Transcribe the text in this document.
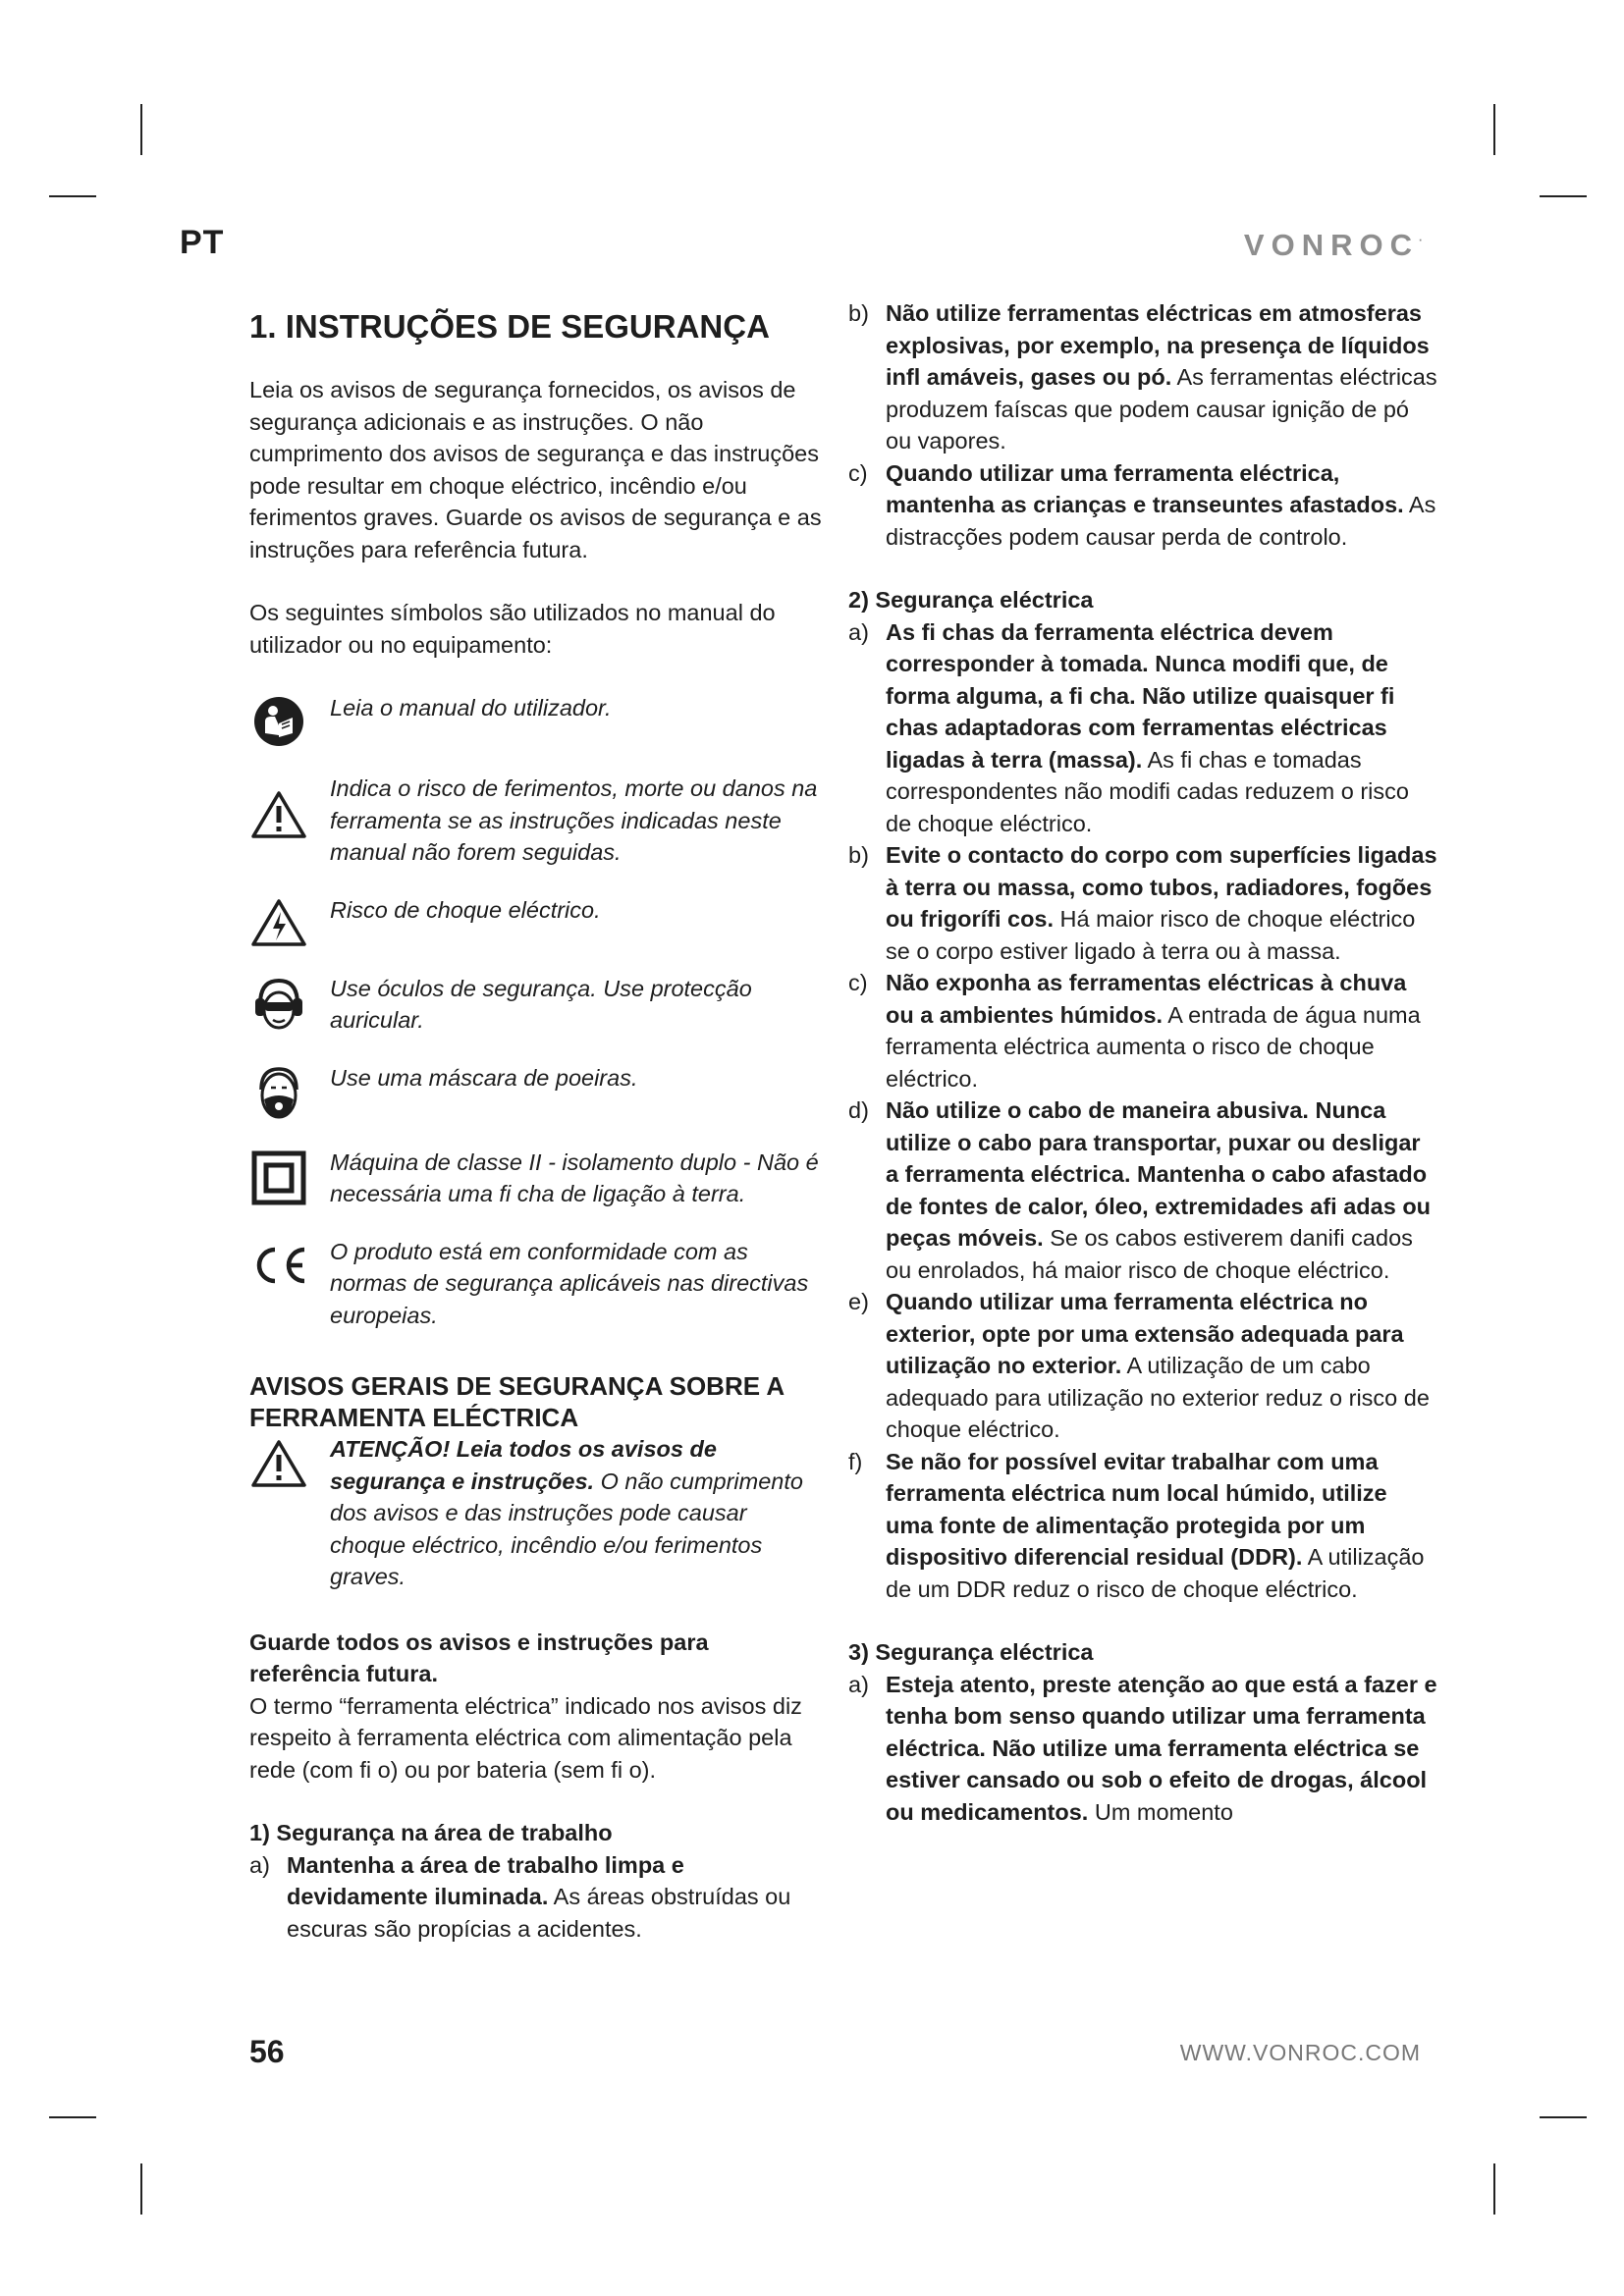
PT	VONROC·
1. INSTRUÇÕES DE SEGURANÇA

Leia os avisos de segurança fornecidos, os avisos de segurança adicionais e as instruções. O não cumprimento dos avisos de segurança e das instruções pode resultar em choque eléctrico, incêndio e/ou ferimentos graves. Guarde os avisos de segurança e as instruções para referência futura.

Os seguintes símbolos são utilizados no manual do utilizador ou no equipamento:

Leia o manual do utilizador.
Indica o risco de ferimentos, morte ou danos na ferramenta se as instruções indicadas neste manual não forem seguidas.
Risco de choque eléctrico.
Use óculos de segurança. Use protecção auricular.
Use uma máscara de poeiras.
Máquina de classe II - isolamento duplo - Não é necessária uma fi cha de ligação à terra.
O produto está em conformidade com as normas de segurança aplicáveis nas directivas europeias.
AVISOS GERAIS DE SEGURANÇA SOBRE A FERRAMENTA ELÉCTRICA
ATENÇÃO! Leia todos os avisos de segurança e instruções. O não cumprimento dos avisos e das instruções pode causar choque eléctrico, incêndio e/ou ferimentos graves.

Guarde todos os avisos e instruções para referência futura.

O termo “ferramenta eléctrica” indicado nos avisos diz respeito à ferramenta eléctrica com alimentação pela rede (com fi o) ou por bateria (sem fi o).

1) Segurança na área de trabalho

a) Mantenha a área de trabalho limpa e devidamente iluminada. As áreas obstruídas ou escuras são propícias a acidentes.
b) Não utilize ferramentas eléctricas em atmosferas explosivas, por exemplo, na presença de líquidos infl amáveis, gases ou pó. As ferramentas eléctricas produzem faíscas que podem causar ignição de pó ou vapores.
c) Quando utilizar uma ferramenta eléctrica, mantenha as crianças e transeuntes afastados. As distracções podem causar perda de controlo.

2) Segurança eléctrica

a) As fi chas da ferramenta eléctrica devem corresponder à tomada. Nunca modifi que, de forma alguma, a fi cha. Não utilize quaisquer fi chas adaptadoras com ferramentas eléctricas ligadas à terra (massa). As fi chas e tomadas correspondentes não modifi cadas reduzem o risco de choque eléctrico.
b) Evite o contacto do corpo com superfícies ligadas à terra ou massa, como tubos, radiadores, fogões ou frigorífi cos. Há maior risco de choque eléctrico se o corpo estiver ligado à terra ou à massa.
c) Não exponha as ferramentas eléctricas à chuva ou a ambientes húmidos. A entrada de água numa ferramenta eléctrica aumenta o risco de choque eléctrico.
d) Não utilize o cabo de maneira abusiva. Nunca utilize o cabo para transportar, puxar ou desligar a ferramenta eléctrica. Mantenha o cabo afastado de fontes de calor, óleo, extremidades afi adas ou peças móveis. Se os cabos estiverem danifi cados ou enrolados, há maior risco de choque eléctrico.
e) Quando utilizar uma ferramenta eléctrica no exterior, opte por uma extensão adequada para utilização no exterior. A utilização de um cabo adequado para utilização no exterior reduz o risco de choque eléctrico.
f)	Se não for possível evitar trabalhar com uma ferramenta eléctrica num local húmido, utilize uma fonte de alimentação protegida por um dispositivo diferencial residual (DDR). A utilização de um DDR reduz o risco de choque eléctrico.

3) Segurança eléctrica

a) Esteja atento, preste atenção ao que está a fazer e tenha bom senso quando utilizar uma ferramenta eléctrica. Não utilize uma ferramenta eléctrica se estiver cansado ou sob o efeito de drogas, álcool ou medicamentos. Um momento
56	WWW.VONROC.COM
